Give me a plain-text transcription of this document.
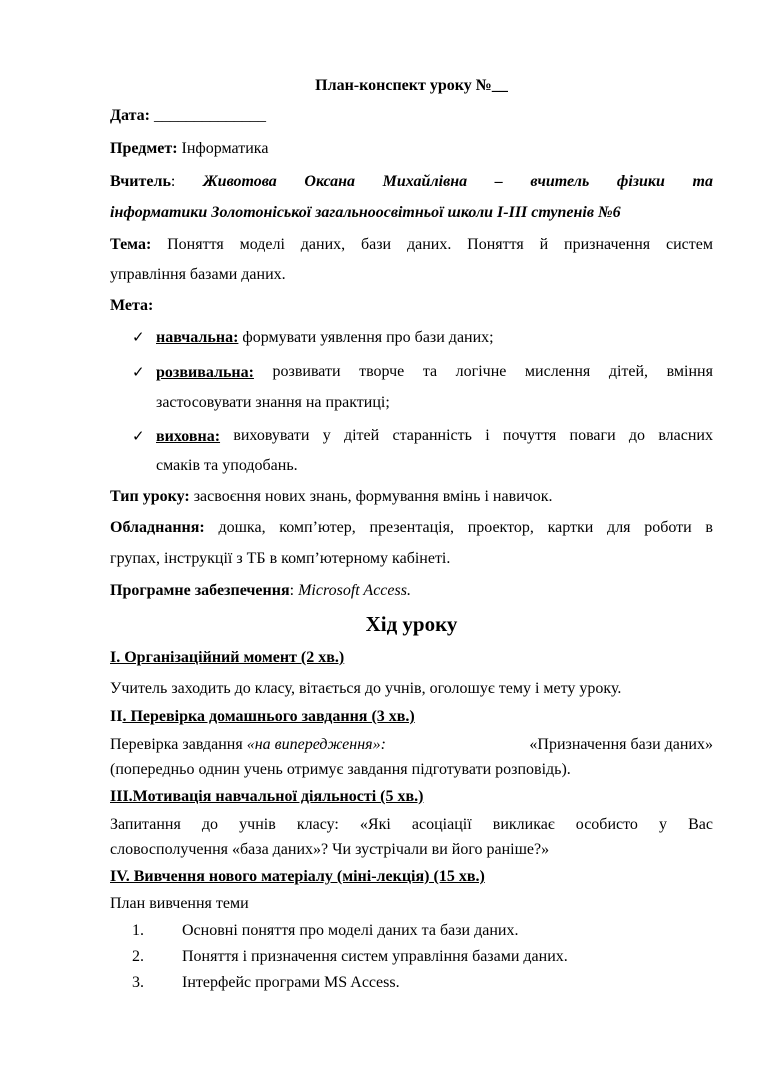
План-конспект уроку №__
Дата: ______________
Предмет: Інформатика
Вчитель: Животова Оксана Михайлівна – вчитель фізики та
інформатики Золотоніської загальноосвітньої школи І-ІІІ ступенів №6
Тема: Поняття моделі даних, бази даних. Поняття й призначення систем
управління базами даних.
Мета:
✓ навчальна: формувати уявлення про бази даних;
✓ розвивальна: розвивати творче та логічне мислення дітей, вміння
застосовувати знання на практиці;
✓ виховна: виховувати у дітей старанність і почуття поваги до власних
смаків та уподобань.
Тип уроку: засвоєння нових знань, формування вмінь і навичок.
Обладнання: дошка, комп’ютер, презентація, проектор, картки для роботи в
групах, інструкції з ТБ в комп’ютерному кабінеті.
Програмне забезпечення: Microsoft Access.
Хід уроку
І. Організаційний момент (2 хв.)
Учитель заходить до класу, вітається до учнів, оголошує тему і мету уроку.
ІІ. Перевірка домашнього завдання (3 хв.)
Перевірка завдання «на випередження»:	«Призначення бази даних»
(попередньо однин учень отримує завдання підготувати розповідь).
ІІІ.Мотивація навчальної діяльності (5 хв.)
Запитання до учнів класу: «Які асоціації викликає особисто у Вас
словосполучення «база даних»? Чи зустрічали ви його раніше?»
ІV. Вивчення нового матеріалу (міні-лекція) (15 хв.)
План вивчення теми
1. Основні поняття про моделі даних та бази даних.
2. Поняття і призначення систем управління базами даних.
3. Інтерфейс програми MS Access.
